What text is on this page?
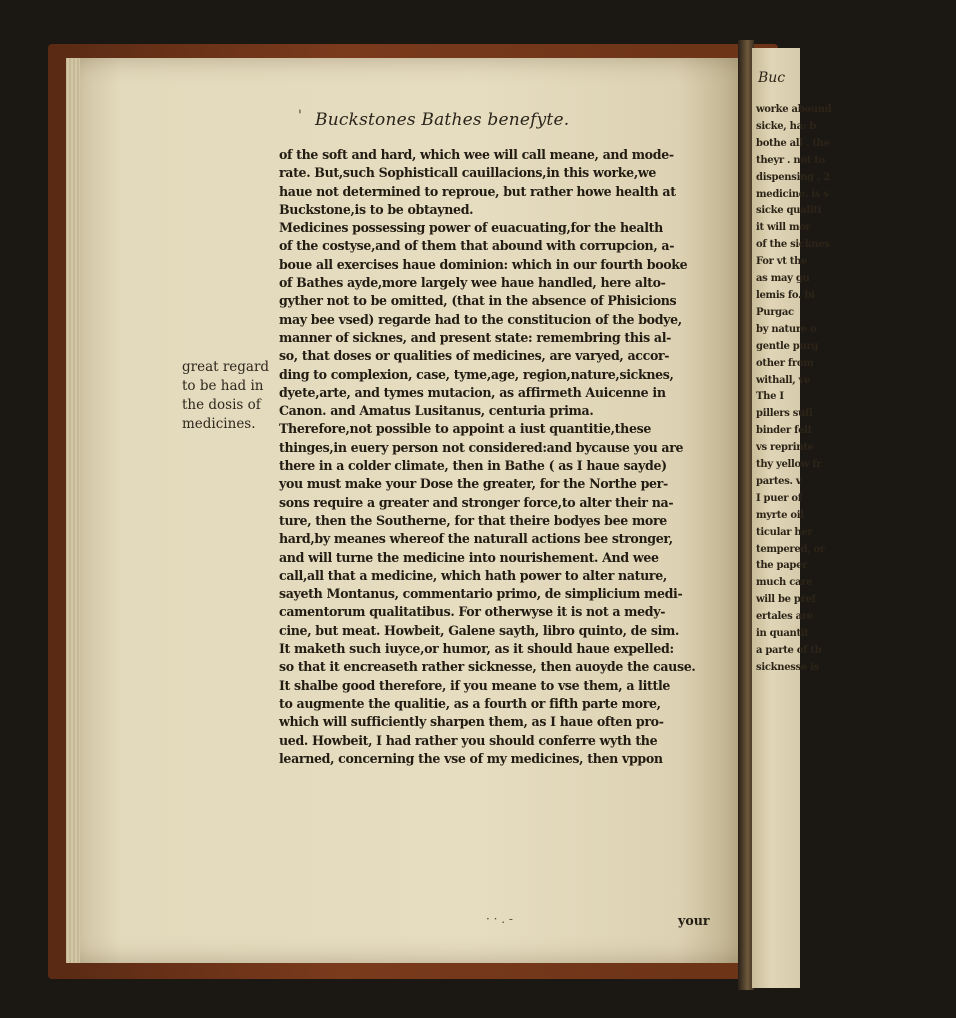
Buc
worke abound
sicke, ha: b
bothe all . the
theyr . not to
dispensing . 2
medicine. is s
sicke qualiti
it will mor
of the sicknes
For vt the
as may gu
lemis fo. bi
Purgac
by nature o
gentle purg
other from
withall, ve
The I
pillers sufi
binder fell
vs reprinte
thy yellow fr
partes. v
I puer of
myrte oil
ticular her
tempered, or
the paper
much care
will be pref
ertales are
in quantit
a parte of th
sicknesse is
' Buckstones Bathes benefyte.
great regard
to be had in
the dosis of
medicines.
of the soft and hard, which wee will call meane, and mode-
rate. But,such Sophisticall cauillacions,in this worke,we
haue not determined to reproue, but rather howe health at
Buckstone,is to be obtayned.
Medicines possessing power of euacuating,for the health
of the costyse,and of them that abound with corrupcion, a-
boue all exercises haue dominion: which in our fourth booke
of Bathes ayde,more largely wee haue handled, here alto-
gyther not to be omitted, (that in the absence of Phisicions
may bee vsed) regarde had to the constitucion of the bodye,
manner of sicknes, and present state: remembring this al-
so, that doses or qualities of medicines, are varyed, accor-
ding to complexion, case, tyme,age, region,nature,sicknes,
dyete,arte, and tymes mutacion, as affirmeth Auicenne in
Canon. and Amatus Lusitanus, centuria prima.
Therefore,not possible to appoint a iust quantitie,these
thinges,in euery person not considered:and bycause you are
there in a colder climate, then in Bathe ( as I haue sayde)
you must make your Dose the greater, for the Northe per-
sons require a greater and stronger force,to alter their na-
ture, then the Southerne, for that theire bodyes bee more
hard,by meanes whereof the naturall actions bee stronger,
and will turne the medicine into nourishement. And wee
call,all that a medicine, which hath power to alter nature,
sayeth Montanus, commentario primo, de simplicium medi-
camentorum qualitatibus. For otherwyse it is not a medy-
cine, but meat. Howbeit, Galene sayth, libro quinto, de sim.
It maketh such iuyce,or humor, as it should haue expelled:
so that it encreaseth rather sicknesse, then auoyde the cause.
It shalbe good therefore, if you meane to vse them, a little
to augmente the qualitie, as a fourth or fifth parte more,
which will sufficiently sharpen them, as I haue often pro-
ued. Howbeit, I had rather you should conferre wyth the
learned, concerning the vse of my medicines, then vppon
· · . -	your
